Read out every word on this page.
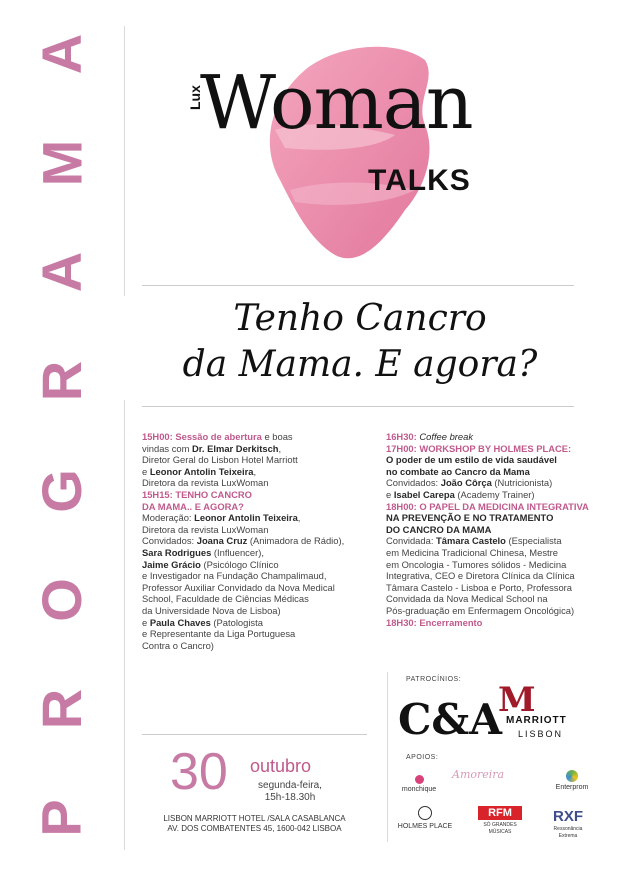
A
M
A
R
G
O
R
P
Lux
Woman
TALKS
Tenho Cancro
da Mama. E agora?
15H00: Sessão de abertura e boas
vindas com Dr. Elmar Derkitsch,
Diretor Geral do Lisbon Hotel Marriott
e Leonor Antolin Teixeira,
Diretora da revista LuxWoman
15H15: TENHO CANCRO
DA MAMA.. E AGORA?
Moderação: Leonor Antolin Teixeira,
Diretora da revista LuxWoman
Convidados: Joana Cruz (Animadora de Rádio),
Sara Rodrigues (Influencer),
Jaime Grácio (Psicólogo Clínico
e Investigador na Fundação Champalimaud,
Professor Auxiliar Convidado da Nova Medical
School, Faculdade de Ciências Médicas
da Universidade Nova de Lisboa)
e Paula Chaves (Patologista
e Representante da Liga Portuguesa
Contra o Cancro)
16H30: Coffee break
17H00: WORKSHOP BY HOLMES PLACE:
O poder de um estilo de vida saudável
no combate ao Cancro da Mama
Convidados: João Côrça (Nutricionista)
e Isabel Carepa (Academy Trainer)
18H00: O PAPEL DA MEDICINA INTEGRATIVA
NA PREVENÇÃO E NO TRATAMENTO
DO CANCRO DA MAMA
Convidada: Tâmara Castelo (Especialista
em Medicina Tradicional Chinesa, Mestre
em Oncologia - Tumores sólidos - Medicina
Integrativa, CEO e Diretora Clínica da Clínica
Tâmara Castelo - Lisboa e Porto, Professora
Convidada da Nova Medical School na
Pós-graduação em Enfermagem Oncológica)
18H30: Encerramento
30 outubro
segunda-feira,
15h-18.30h
LISBON MARRIOTT HOTEL /SALA CASABLANCA
AV. DOS COMBATENTES 45, 1600-042 LISBOA
PATROCÍNIOS:
C&A
M
MARRIOTT
LISBON
APOIOS:
monchique
Amoreira
Enterprom
HOLMES PLACE
RFM
SÓ GRANDES MÚSICAS
RXF
Ressonância Extrema
